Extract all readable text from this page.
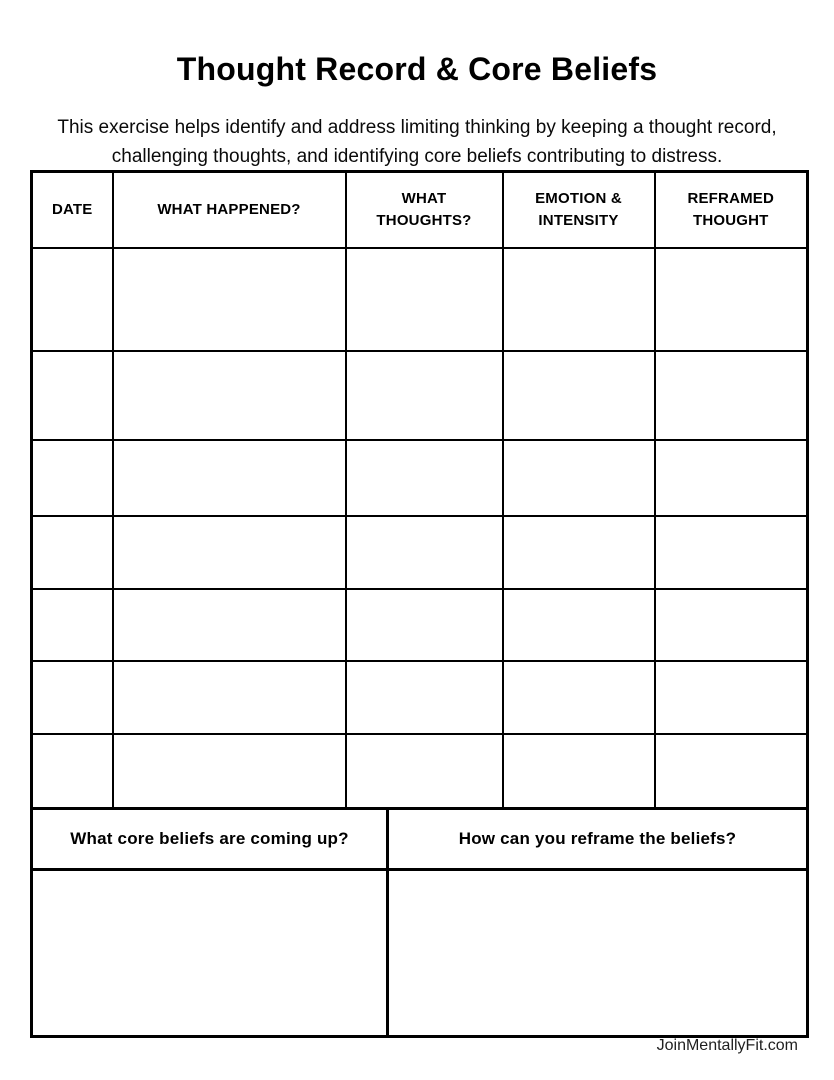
Thought Record & Core Beliefs

This exercise helps identify and address limiting thinking by keeping a thought record, challenging thoughts, and identifying core beliefs contributing to distress.

DATE	WHAT HAPPENED?	WHAT THOUGHTS?	EMOTION & INTENSITY	REFRAMED THOUGHT

What core beliefs are coming up?	How can you reframe the beliefs?

JoinMentallyFit.com
